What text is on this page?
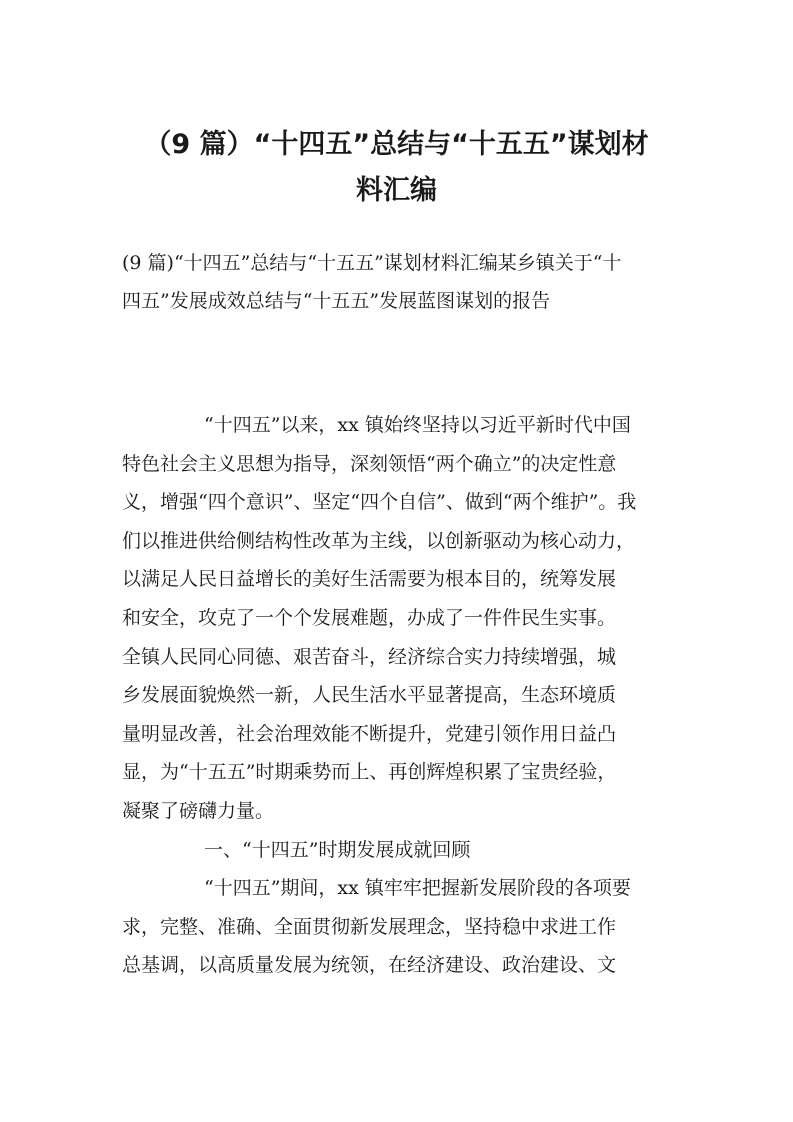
（9 篇）“十四五”总结与“十五五”谋划材
料汇编

(9 篇)“十四五”总结与“十五五”谋划材料汇编某乡镇关于“十
四五”发展成效总结与“十五五”发展蓝图谋划的报告

“十四五”以来，xx 镇始终坚持以习近平新时代中国
特色社会主义思想为指导，深刻领悟“两个确立”的决定性意
义，增强“四个意识”、坚定“四个自信”、做到“两个维护”。我
们以推进供给侧结构性改革为主线，以创新驱动为核心动力，
以满足人民日益增长的美好生活需要为根本目的，统筹发展
和安全，攻克了一个个发展难题，办成了一件件民生实事。
全镇人民同心同德、艰苦奋斗，经济综合实力持续增强，城
乡发展面貌焕然一新，人民生活水平显著提高，生态环境质
量明显改善，社会治理效能不断提升，党建引领作用日益凸
显，为“十五五”时期乘势而上、再创辉煌积累了宝贵经验，
凝聚了磅礴力量。
一、“十四五”时期发展成就回顾
“十四五”期间，xx 镇牢牢把握新发展阶段的各项要
求，完整、准确、全面贯彻新发展理念，坚持稳中求进工作
总基调，以高质量发展为统领，在经济建设、政治建设、文
